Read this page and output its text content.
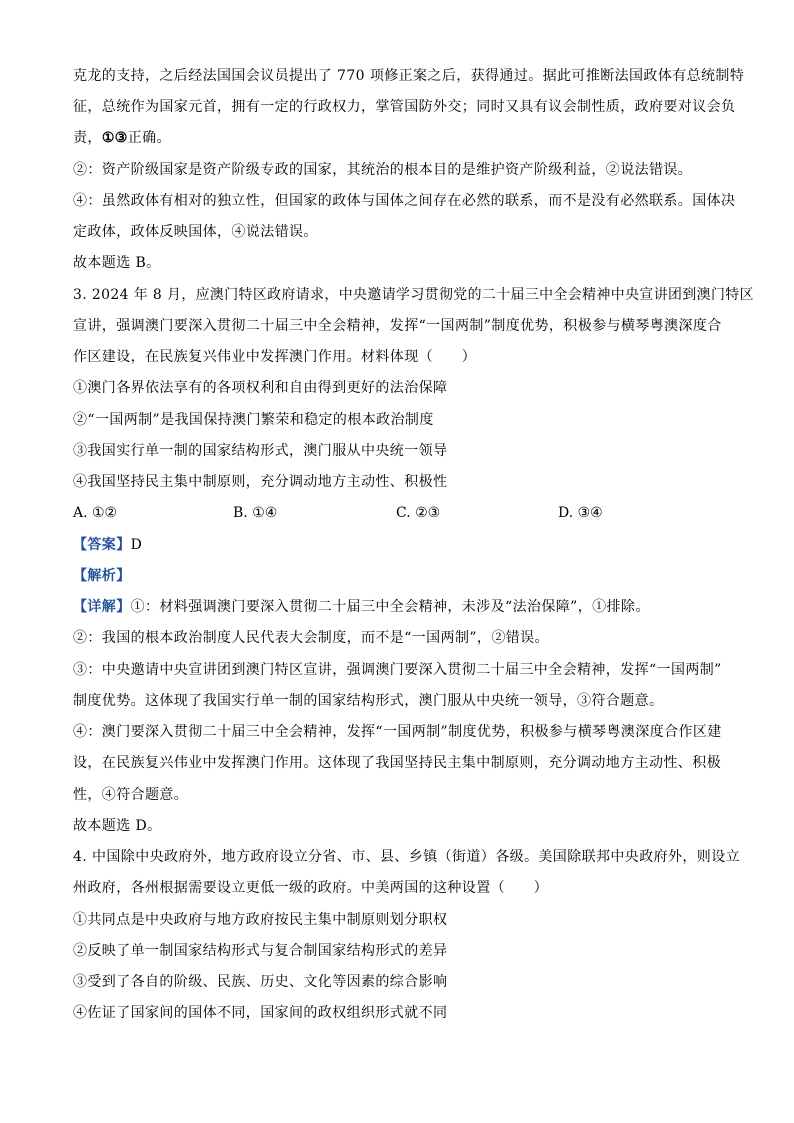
克龙的支持，之后经法国国会议员提出了 770 项修正案之后，获得通过。据此可推断法国政体有总统制特
征，总统作为国家元首，拥有一定的行政权力，掌管国防外交；同时又具有议会制性质，政府要对议会负
责，①③正确。
②：资产阶级国家是资产阶级专政的国家，其统治的根本目的是维护资产阶级利益，②说法错误。
④：虽然政体有相对的独立性，但国家的政体与国体之间存在必然的联系，而不是没有必然联系。国体决
定政体，政体反映国体，④说法错误。
故本题选 B。
3. 2024 年 8 月，应澳门特区政府请求，中央邀请学习贯彻党的二十届三中全会精神中央宣讲团到澳门特区
宣讲，强调澳门要深入贯彻二十届三中全会精神，发挥“一国两制”制度优势，积极参与横琴粤澳深度合
作区建设，在民族复兴伟业中发挥澳门作用。材料体现（　　）
①澳门各界依法享有的各项权利和自由得到更好的法治保障
②“一国两制”是我国保持澳门繁荣和稳定的根本政治制度
③我国实行单一制的国家结构形式，澳门服从中央统一领导
④我国坚持民主集中制原则，充分调动地方主动性、积极性
A. ①②	B. ①④	C. ②③	D. ③④
【答案】D
【解析】
【详解】①：材料强调澳门要深入贯彻二十届三中全会精神，未涉及“法治保障”，①排除。
②：我国的根本政治制度人民代表大会制度，而不是“一国两制”，②错误。
③：中央邀请中央宣讲团到澳门特区宣讲，强调澳门要深入贯彻二十届三中全会精神，发挥“一国两制”
制度优势。这体现了我国实行单一制的国家结构形式，澳门服从中央统一领导，③符合题意。
④：澳门要深入贯彻二十届三中全会精神，发挥“一国两制”制度优势，积极参与横琴粤澳深度合作区建
设，在民族复兴伟业中发挥澳门作用。这体现了我国坚持民主集中制原则，充分调动地方主动性、积极
性，④符合题意。
故本题选 D。
4. 中国除中央政府外，地方政府设立分省、市、县、乡镇（街道）各级。美国除联邦中央政府外，则设立
州政府，各州根据需要设立更低一级的政府。中美两国的这种设置（　　）
①共同点是中央政府与地方政府按民主集中制原则划分职权
②反映了单一制国家结构形式与复合制国家结构形式的差异
③受到了各自的阶级、民族、历史、文化等因素的综合影响
④佐证了国家间的国体不同，国家间的政权组织形式就不同
